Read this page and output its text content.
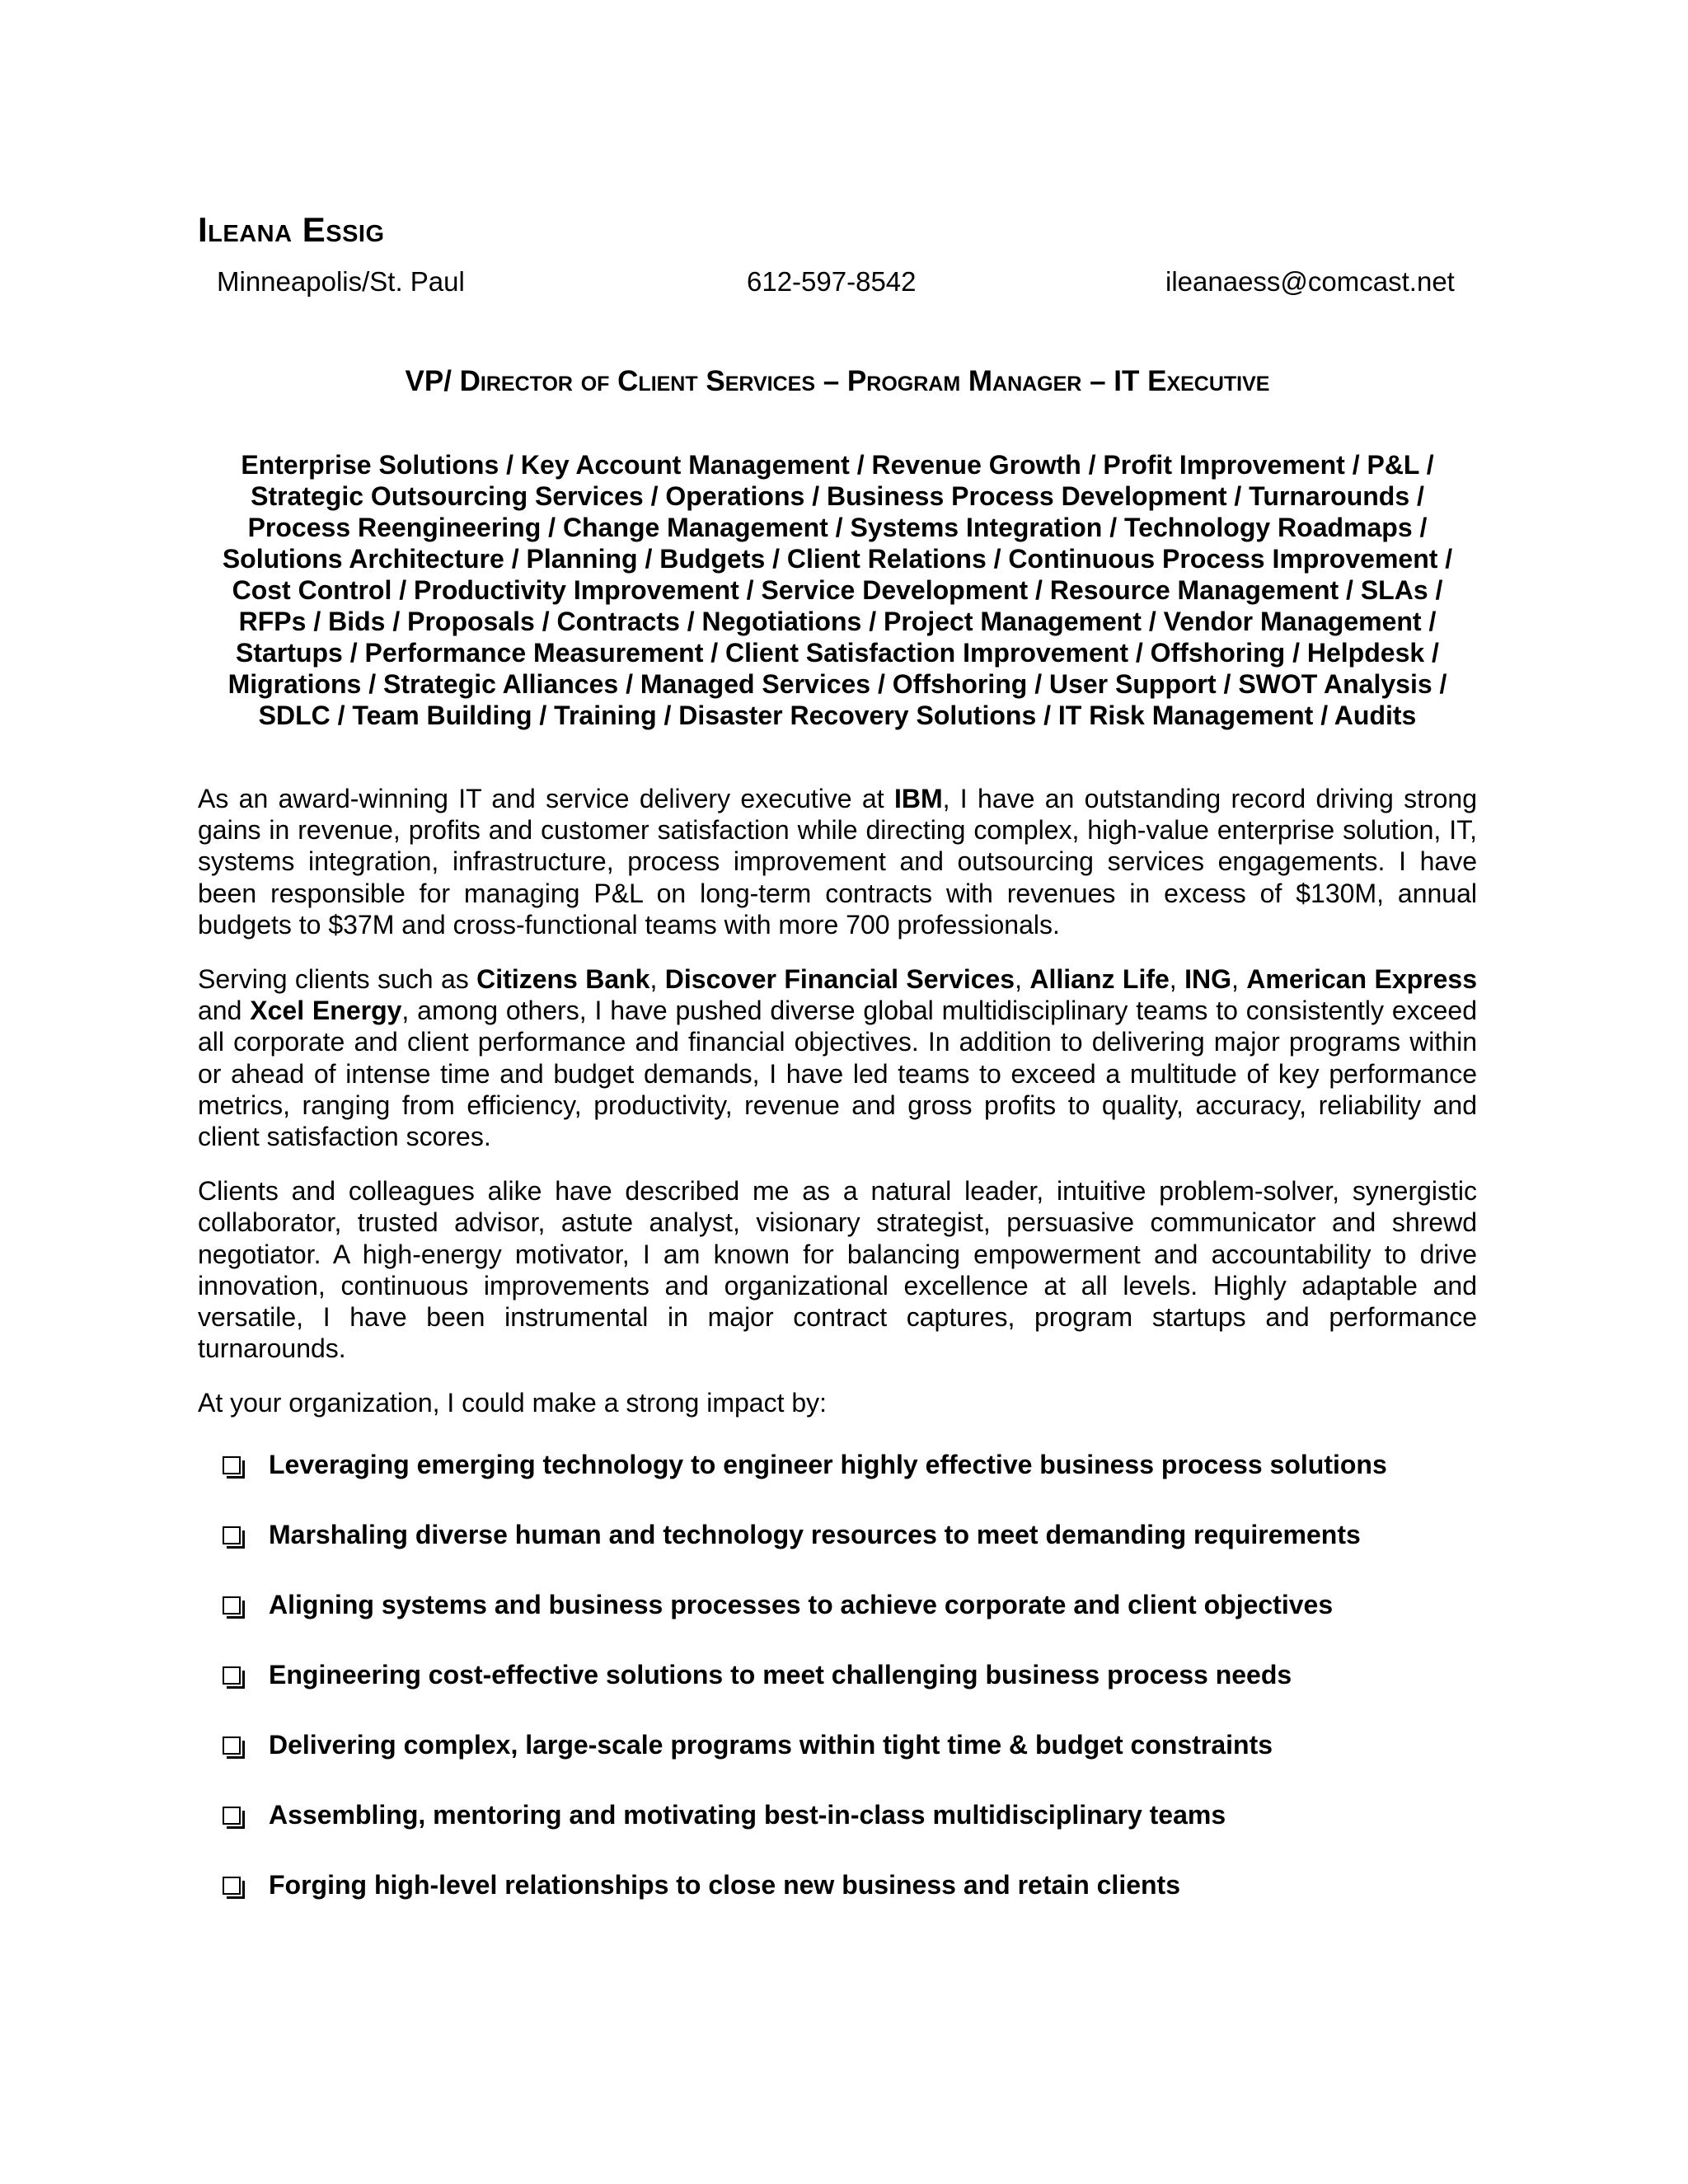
Ileana Essig
Minneapolis/St. Paul	612-597-8542	ileanaess@comcast.net
VP/ Director of Client Services – Program Manager – IT Executive
Enterprise Solutions / Key Account Management / Revenue Growth / Profit Improvement / P&L /
Strategic Outsourcing Services / Operations / Business Process Development / Turnarounds /
Process Reengineering / Change Management / Systems Integration / Technology Roadmaps /
Solutions Architecture / Planning / Budgets / Client Relations / Continuous Process Improvement /
Cost Control / Productivity Improvement / Service Development / Resource Management / SLAs /
RFPs / Bids / Proposals / Contracts / Negotiations / Project Management / Vendor Management /
Startups / Performance Measurement / Client Satisfaction Improvement / Offshoring / Helpdesk /
Migrations / Strategic Alliances / Managed Services / Offshoring / User Support / SWOT Analysis /
SDLC / Team Building / Training / Disaster Recovery Solutions / IT Risk Management / Audits

As an award-winning IT and service delivery executive at IBM, I have an outstanding record driving strong gains in revenue, profits and customer satisfaction while directing complex, high-value enterprise solution, IT, systems integration, infrastructure, process improvement and outsourcing services engagements. I have been responsible for managing P&L on long-term contracts with revenues in excess of $130M, annual budgets to $37M and cross-functional teams with more 700 professionals.

Serving clients such as Citizens Bank, Discover Financial Services, Allianz Life, ING, American Express and Xcel Energy, among others, I have pushed diverse global multidisciplinary teams to consistently exceed all corporate and client performance and financial objectives. In addition to delivering major programs within or ahead of intense time and budget demands, I have led teams to exceed a multitude of key performance metrics, ranging from efficiency, productivity, revenue and gross profits to quality, accuracy, reliability and client satisfaction scores.

Clients and colleagues alike have described me as a natural leader, intuitive problem-solver, synergistic collaborator, trusted advisor, astute analyst, visionary strategist, persuasive communicator and shrewd negotiator. A high-energy motivator, I am known for balancing empowerment and accountability to drive innovation, continuous improvements and organizational excellence at all levels. Highly adaptable and versatile, I have been instrumental in major contract captures, program startups and performance turnarounds.

At your organization, I could make a strong impact by:

Leveraging emerging technology to engineer highly effective business process solutions
Marshaling diverse human and technology resources to meet demanding requirements
Aligning systems and business processes to achieve corporate and client objectives
Engineering cost-effective solutions to meet challenging business process needs
Delivering complex, large-scale programs within tight time & budget constraints
Assembling, mentoring and motivating best-in-class multidisciplinary teams
Forging high-level relationships to close new business and retain clients
